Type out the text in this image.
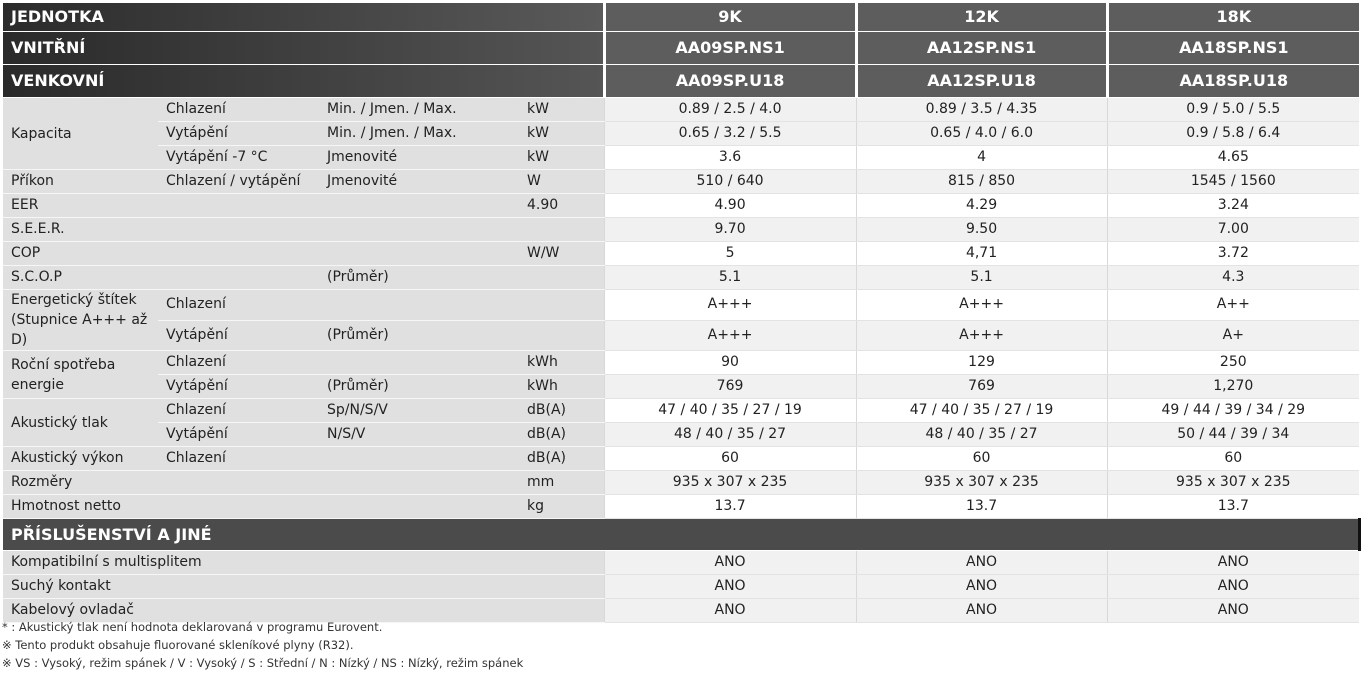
JEDNOTKA				9K	12K	18K
VNITŘNÍ				AA09SP.NS1	AA12SP.NS1	AA18SP.NS1
VENKOVNÍ				AA09SP.U18	AA12SP.U18	AA18SP.U18
Kapacita	Chlazení	Min. / Jmen. / Max.	kW	0.89 / 2.5 / 4.0	0.89 / 3.5 / 4.35	0.9 / 5.0 / 5.5
	Vytápění	Min. / Jmen. / Max.	kW	0.65 / 3.2 / 5.5	0.65 / 4.0 / 6.0	0.9 / 5.8 / 6.4
	Vytápění -7 °C	Jmenovité	kW	3.6	4	4.65
Příkon	Chlazení / vytápění	Jmenovité	W	510 / 640	815 / 850	1545 / 1560
EER			4.90	4.90	4.29	3.24
S.E.E.R.				9.70	9.50	7.00
COP			W/W	5	4,71	3.72
S.C.O.P		(Průměr)		5.1	5.1	4.3
Energetický štítek (Stupnice A+++ až D)	Chlazení			A+++	A+++	A++
	Vytápění	(Průměr)		A+++	A+++	A+
Roční spotřeba energie	Chlazení		kWh	90	129	250
	Vytápění	(Průměr)	kWh	769	769	1,270
Akustický tlak	Chlazení	Sp/N/S/V	dB(A)	47 / 40 / 35 / 27 / 19	47 / 40 / 35 / 27 / 19	49 / 44 / 39 / 34 / 29
	Vytápění	N/S/V	dB(A)	48 / 40 / 35 / 27	48 / 40 / 35 / 27	50 / 44 / 39 / 34
Akustický výkon	Chlazení		dB(A)	60	60	60
Rozměry			mm	935 x 307 x 235	935 x 307 x 235	935 x 307 x 235
Hmotnost netto			kg	13.7	13.7	13.7
PŘÍSLUŠENSTVÍ A JINÉ						
Kompatibilní s multisplitem				ANO	ANO	ANO
Suchý kontakt				ANO	ANO	ANO
Kabelový ovladač				ANO	ANO	ANO
* : Akustický tlak není hodnota deklarovaná v programu Eurovent.
※ Tento produkt obsahuje fluorované skleníkové plyny (R32).
※ VS : Vysoký, režim spánek / V : Vysoký / S : Střední / N : Nízký / NS : Nízký, režim spánek
